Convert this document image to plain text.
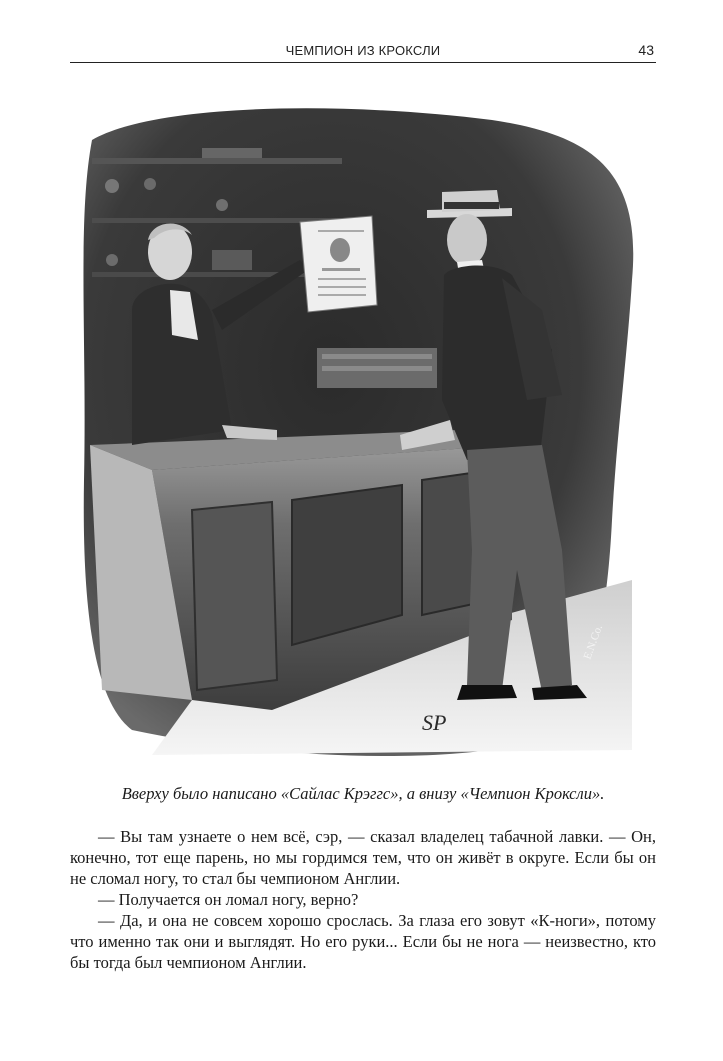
ЧЕМПИОН ИЗ КРОКСЛИ	43
E.N.Co.
SP
Вверху было написано «Сайлас Крэггс», а внизу «Чемпион Кроксли».

— Вы там узнаете о нем всё, сэр, — сказал владелец табачной лавки. — Он, конечно, тот еще парень, но мы гордимся тем, что он живёт в округе. Если бы он не сломал ногу, то стал бы чемпионом Англии.

— Получается он ломал ногу, верно?

— Да, и она не совсем хорошо срослась. За глаза его зовут «К-ноги», потому что именно так они и выглядят. Но его руки... Если бы не нога — неизвестно, кто бы тогда был чемпионом Англии.
